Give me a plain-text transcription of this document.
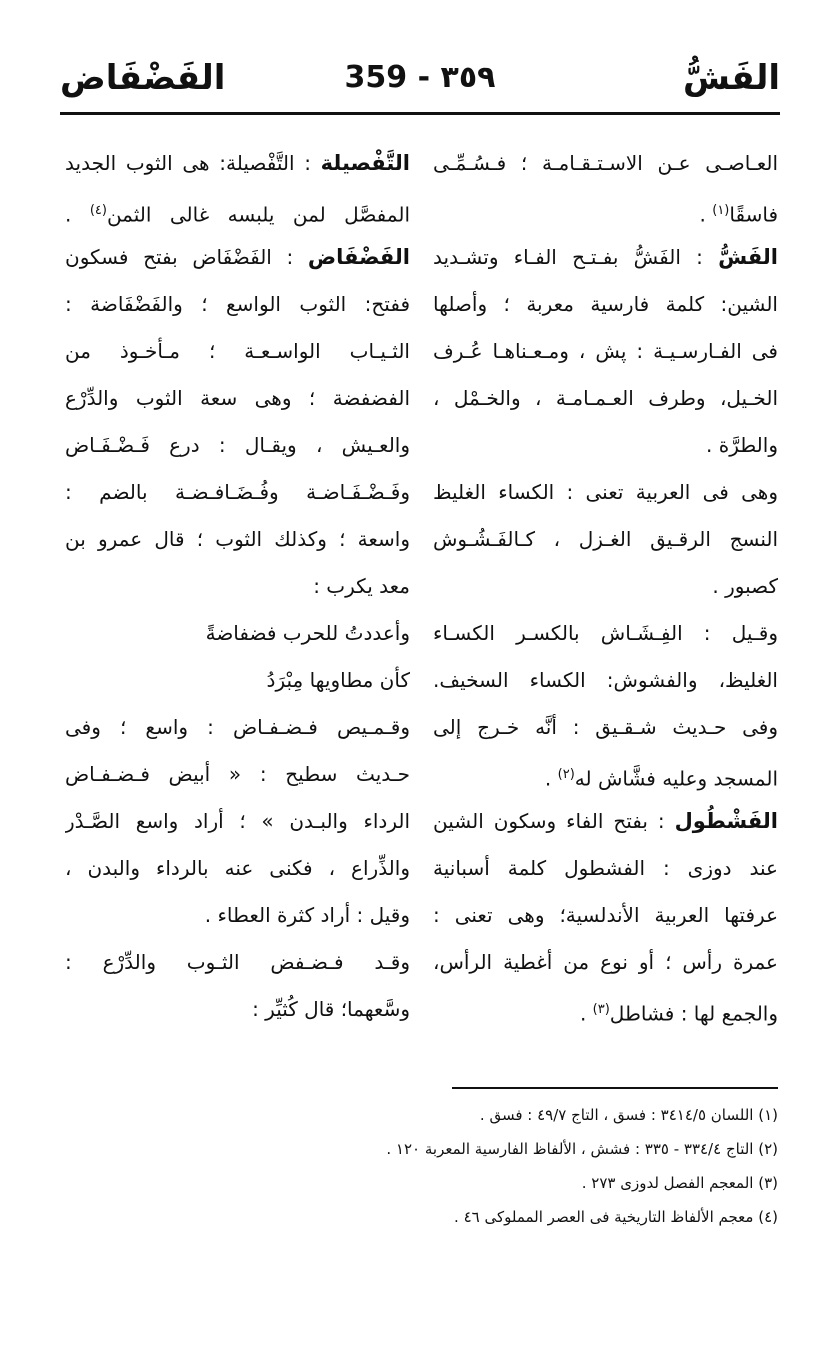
الفَشُّ
٣٥٩ - 359
الفَضْفَاض
العـاصـى عـن الاسـتـقـامـة ؛ فـسُـمِّـى
فاسقًا$^{(١)}$ .
الفَشُّ : الفَشُّ بفـتـح الفـاء وتشـديد
الشين: كلمة فارسية معربة ؛ وأصلها
فى الفـارسـيـة : پش ، ومـعـناهـا عُـرف
الخـيل، وطرف العـمـامـة ، والخـمْل ،
والطرَّة .
وهى فى العربية تعنى : الكساء الغليظ
النسج الرقـيق الغـزل ، كـالفَـشُـوش
كصبور .
وقـيل : الفِـشَـاش بالكسـر الكسـاء
الغليظ، والفشوش: الكساء السخيف.
وفى حـديث شـقـيق : أنَّه خـرج إلى
المسجد وعليه فشَّاش له$^{(٢)}$ .
الفَشْطُول : بفتح الفاء وسكون الشين
عند دوزى : الفشطول كلمة أسبانية
عرفتها العربية الأندلسية؛ وهى تعنى :
عمرة رأس ؛ أو نوع من أغطية الرأس،
والجمع لها : فشاطل$^{(٣)}$ .
التَّفْصيلة : التَّفْصيلة: هى الثوب الجديد
المفصَّل لمن يلبسه غالى الثمن$^{(٤)}$ .
الفَضْفَاض : الفَضْفَاض بفتح فسكون
ففتح: الثوب الواسع ؛ والفَضْفَاضة :
الثـيـاب الواسـعـة ؛ مـأخـوذ من
الفضفضة ؛ وهى سعة الثوب والدِّرْع
والعـيش ، ويقـال : درع فَـضْـفَـاض
وفَـضْـفَـاضـة وفُـضَـافـضـة بالضم :
واسعة ؛ وكذلك الثوب ؛ قال عمرو بن
معد يكرب :
وأعددتُ للحرب فضفاضةً
كأن مطاويها مِبْرَدُ
وقـمـيص فـضـفـاض : واسع ؛ وفى
حـديث سطيح : « أبيض فـضـفـاض
الرداء والبـدن » ؛ أراد واسع الصَّـدْر
والذِّراع ، فكنى عنه بالرداء والبدن ،
وقيل : أراد كثرة العطاء .
وقـد فـضـفض الثـوب والدِّرْع :
وسَّعهما؛ قال كُثيِّر :
(١) اللسان ٣٤١٤/٥ : فسق ، التاج ٤٩/٧ : فسق .
(٢) التاج ٣٣٤/٤ - ٣٣٥ : فشش ، الألفاظ الفارسية المعربة ١٢٠ .
(٣) المعجم الفصل لدوزى ٢٧٣ .
(٤) معجم الألفاظ التاريخية فى العصر المملوكى ٤٦ .
